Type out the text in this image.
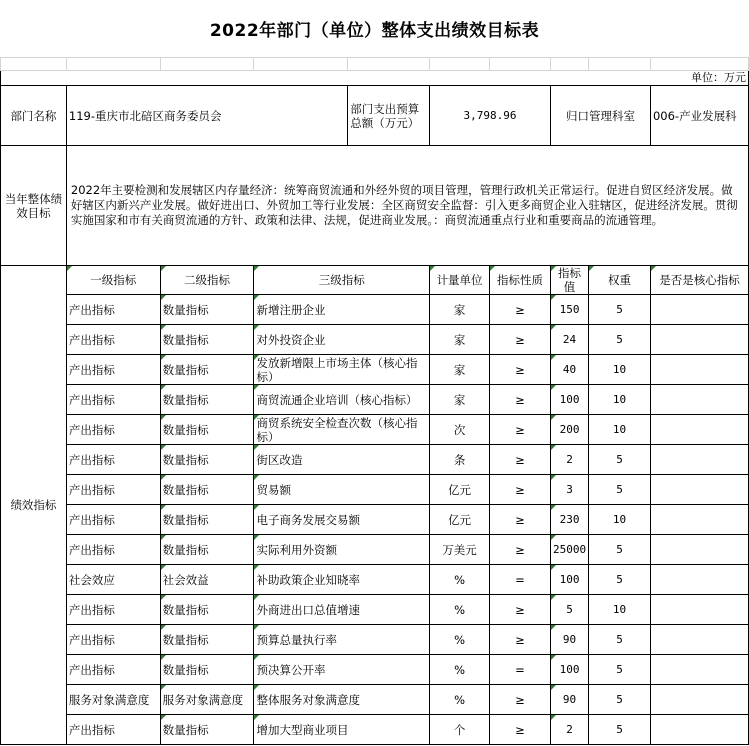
2022年部门（单位）整体支出绩效目标表

单位：万元									
部门名称	119-重庆市北碚区商务委员会			部门支出预算总额（万元）	3,798.96		归口管理科室		006-产业发展科
当年整体绩效目标	2022年主要检测和发展辖区内存量经济：统筹商贸流通和外经外贸的项目管理，管理行政机关正常运行。促进自贸区经济发展。做好辖区内新兴产业发展。做好进出口、外贸加工等行业发展：全区商贸安全监督：引入更多商贸企业入驻辖区，促进经济发展。贯彻实施国家和市有关商贸流通的方针、政策和法律、法规，促进商业发展。：商贸流通重点行业和重要商品的流通管理。								
绩效指标	一级指标	二级指标	三级指标		计量单位	指标性质	指标值	权重	是否是核心指标
	产出指标	数量指标	新增注册企业		家	≥	150	5	
	产出指标	数量指标	对外投资企业		家	≥	24	5	
	产出指标	数量指标	发放新增限上市场主体（核心指标）		家	≥	40	10	
	产出指标	数量指标	商贸流通企业培训（核心指标）		家	≥	100	10	
	产出指标	数量指标	商贸系统安全检查次数（核心指标）		次	≥	200	10	
	产出指标	数量指标	街区改造		条	≥	2	5	
	产出指标	数量指标	贸易额		亿元	≥	3	5	
	产出指标	数量指标	电子商务发展交易额		亿元	≥	230	10	
	产出指标	数量指标	实际利用外资额		万美元	≥	25000	5	
	社会效应	社会效益	补助政策企业知晓率		%	=	100	5	
	产出指标	数量指标	外商进出口总值增速		%	≥	5	10	
	产出指标	数量指标	预算总量执行率		%	≥	90	5	
	产出指标	数量指标	预决算公开率		%	=	100	5	
	服务对象满意度	服务对象满意度	整体服务对象满意度		%	≥	90	5	
	产出指标	数量指标	增加大型商业项目		个	≥	2	5	
